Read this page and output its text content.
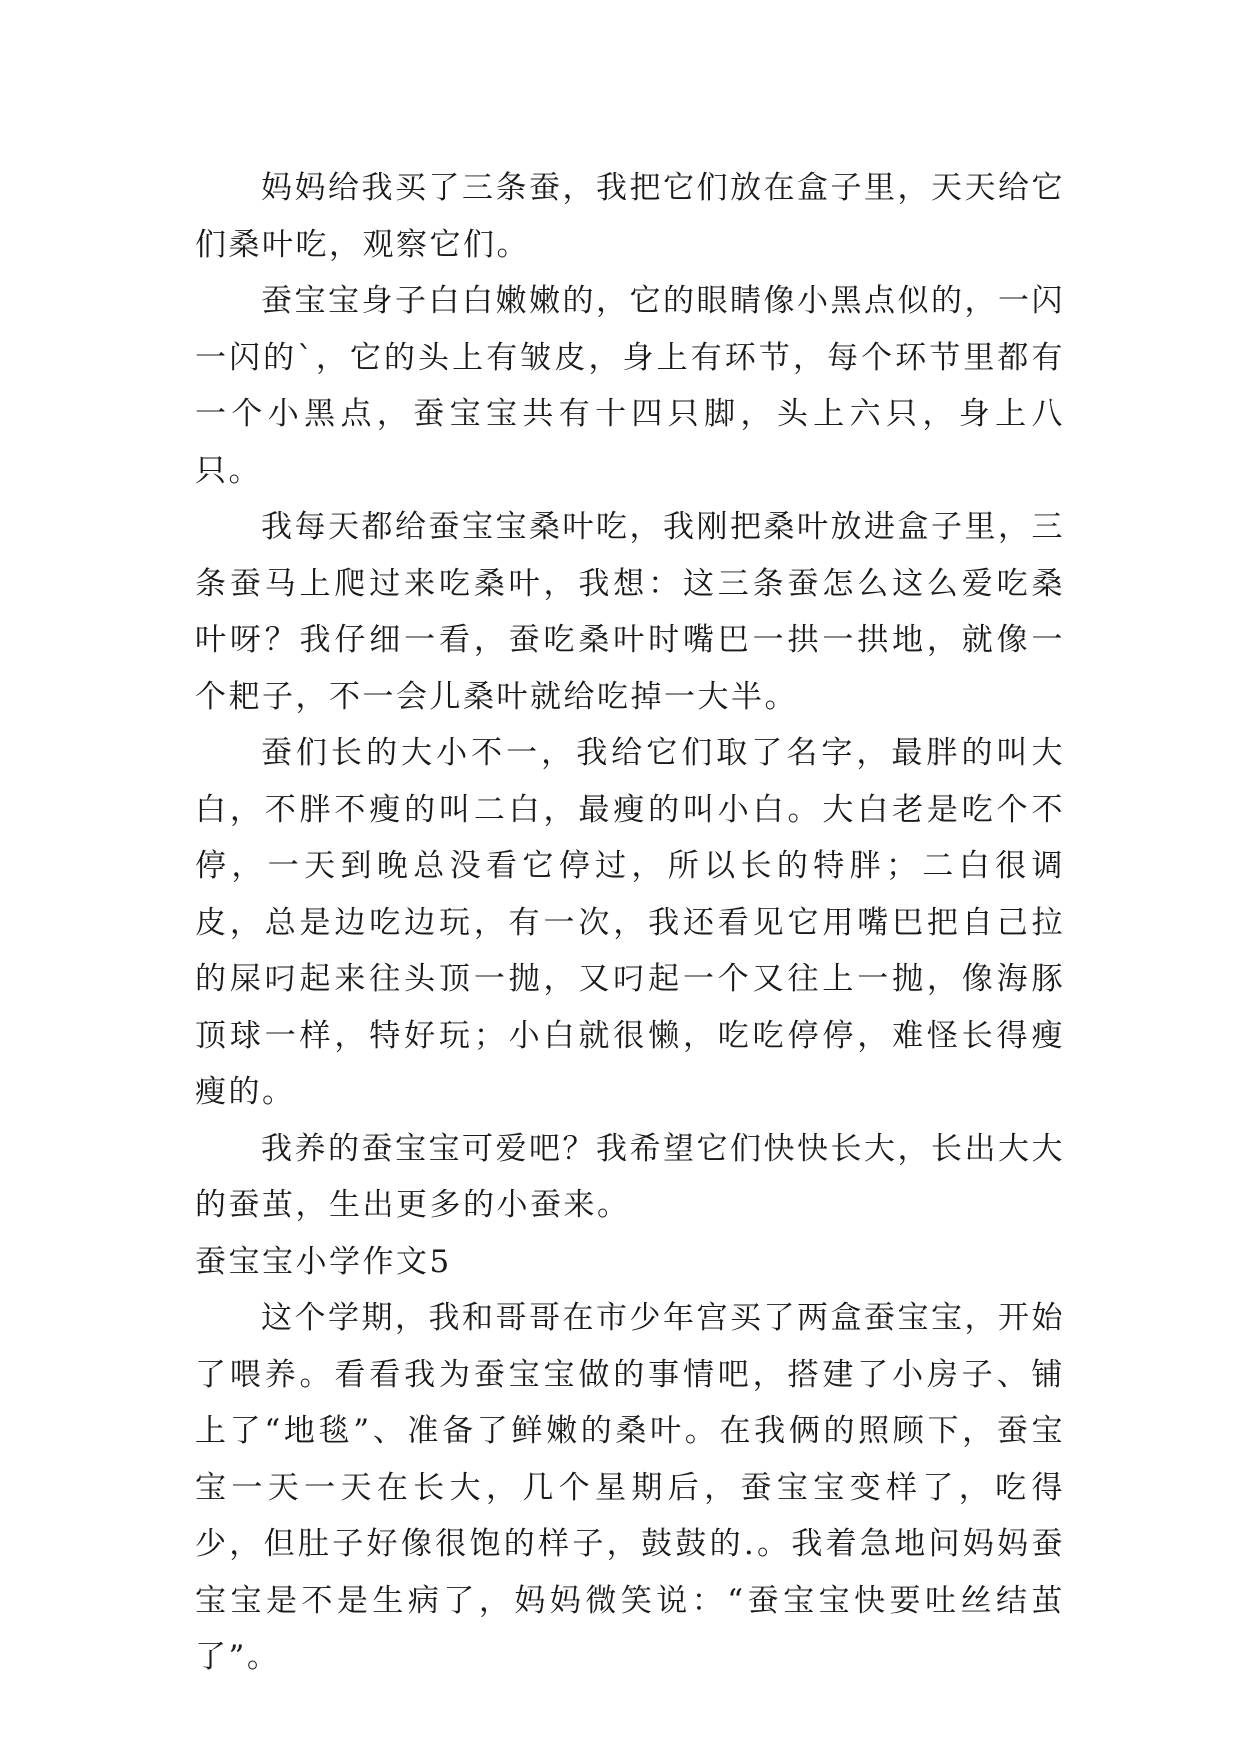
妈妈给我买了三条蚕，我把它们放在盒子里，天天给它们桑叶吃，观察它们。

蚕宝宝身子白白嫩嫩的，它的眼睛像小黑点似的，一闪一闪的`，它的头上有皱皮，身上有环节，每个环节里都有一个小黑点，蚕宝宝共有十四只脚，头上六只，身上八只。

我每天都给蚕宝宝桑叶吃，我刚把桑叶放进盒子里，三条蚕马上爬过来吃桑叶，我想：这三条蚕怎么这么爱吃桑叶呀？我仔细一看，蚕吃桑叶时嘴巴一拱一拱地，就像一个耙子，不一会儿桑叶就给吃掉一大半。

蚕们长的大小不一，我给它们取了名字，最胖的叫大白，不胖不瘦的叫二白，最瘦的叫小白。大白老是吃个不停，一天到晚总没看它停过，所以长的特胖；二白很调皮，总是边吃边玩，有一次，我还看见它用嘴巴把自己拉的屎叼起来往头顶一抛，又叼起一个又往上一抛，像海豚顶球一样，特好玩；小白就很懒，吃吃停停，难怪长得瘦瘦的。

我养的蚕宝宝可爱吧？我希望它们快快长大，长出大大的蚕茧，生出更多的小蚕来。

蚕宝宝小学作文5

这个学期，我和哥哥在市少年宫买了两盒蚕宝宝，开始了喂养。看看我为蚕宝宝做的事情吧，搭建了小房子、铺上了“地毯”、准备了鲜嫩的桑叶。在我俩的照顾下，蚕宝宝一天一天在长大，几个星期后，蚕宝宝变样了，吃得少，但肚子好像很饱的样子，鼓鼓的.。我着急地问妈妈蚕宝宝是不是生病了，妈妈微笑说：“蚕宝宝快要吐丝结茧了”。
